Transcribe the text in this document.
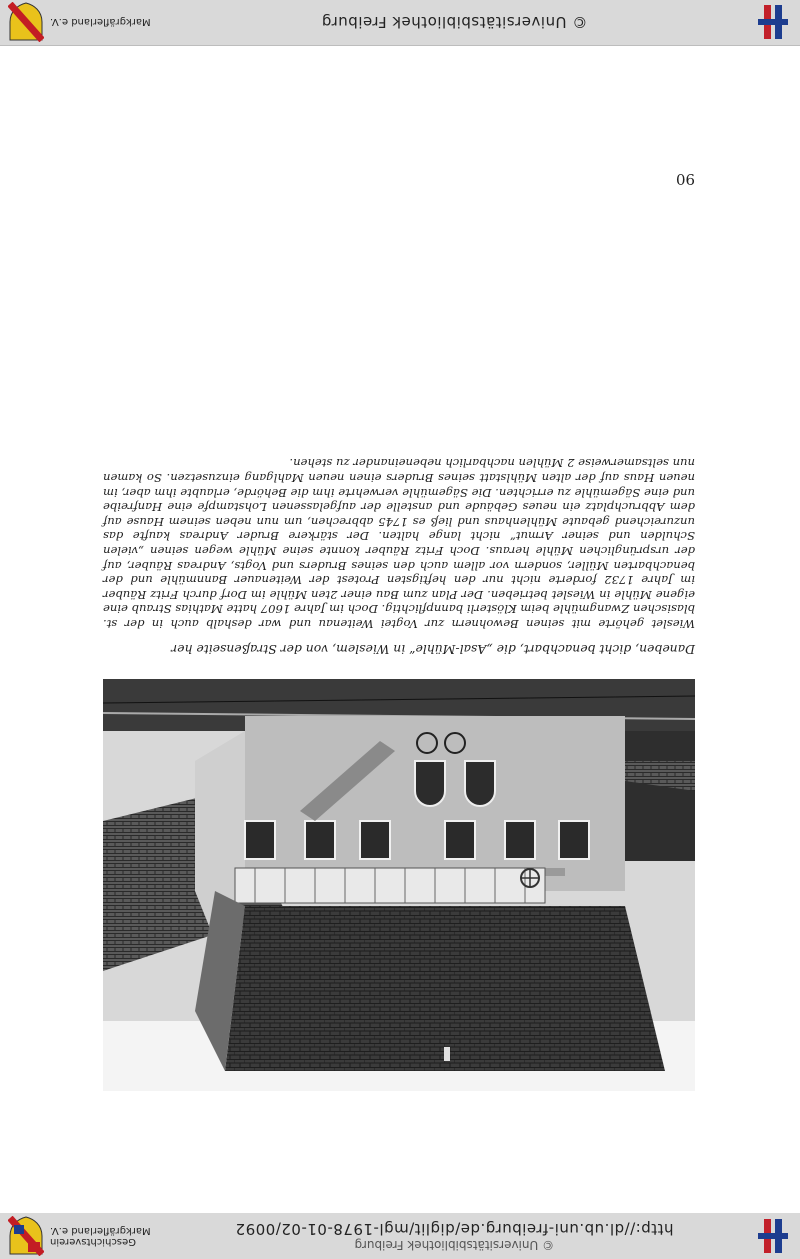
© Universitätsbibliothek Freiburg
http://dl.ub.uni-freiburg.de/diglit/mgl-1978-01-02/0092
Geschichtsverein
Markgräflerland e.V.

Daneben, dicht benachbart, die „Asal-Mühle“ in Wiesleт, von der Straßenseite her

Wieslet gehörte mit seinen Bewohnern zur Vogtei Weitenau und war deshalb auch in der st. blasischen Zwangmühle beim Klösterli bannpflichtig. Doch im Jahre 1607 hatte Mathias Straub eine eigene Mühle in Wieslet betrieben. Der Plan zum Bau einer 2ten Mühle im Dorf durch Fritz Räuber im Jahre 1732 forderte nicht nur den heftigsten Protest der Weitenauer Bannmühle und der benachbarten Müller, sondern vor allem auch den seines Bruders und Vogts, Andreas Räuber, auf der ursprünglichen Mühle heraus. Doch Fritz Räuber konnte seine Mühle wegen seinen „vielen Schulden und seiner Armut“ nicht lange halten. Der stärkere Bruder Andreas kaufte das unzureichend gebaute Mühlenhaus und ließ es 1745 abbrechen, um nun neben seinem Hause auf dem Abbruchplatz ein neues Gebäude und anstelle der aufgelassenen Lohstampfe eine Hanfreibe und eine Sägemühle zu errichten. Die Sägemühle verwehrte ihm die Behörde, erlaubte ihm aber, im neuen Haus auf der alten Mühlstatt seines Bruders einen neuen Mahlgang einzusetzen. So kamen nun seltsamerweise 2 Mühlen nachbarlich nebeneinander zu stehen.

90

© Universitätsbibliothek Freiburg
Markgräflerland e.V.
